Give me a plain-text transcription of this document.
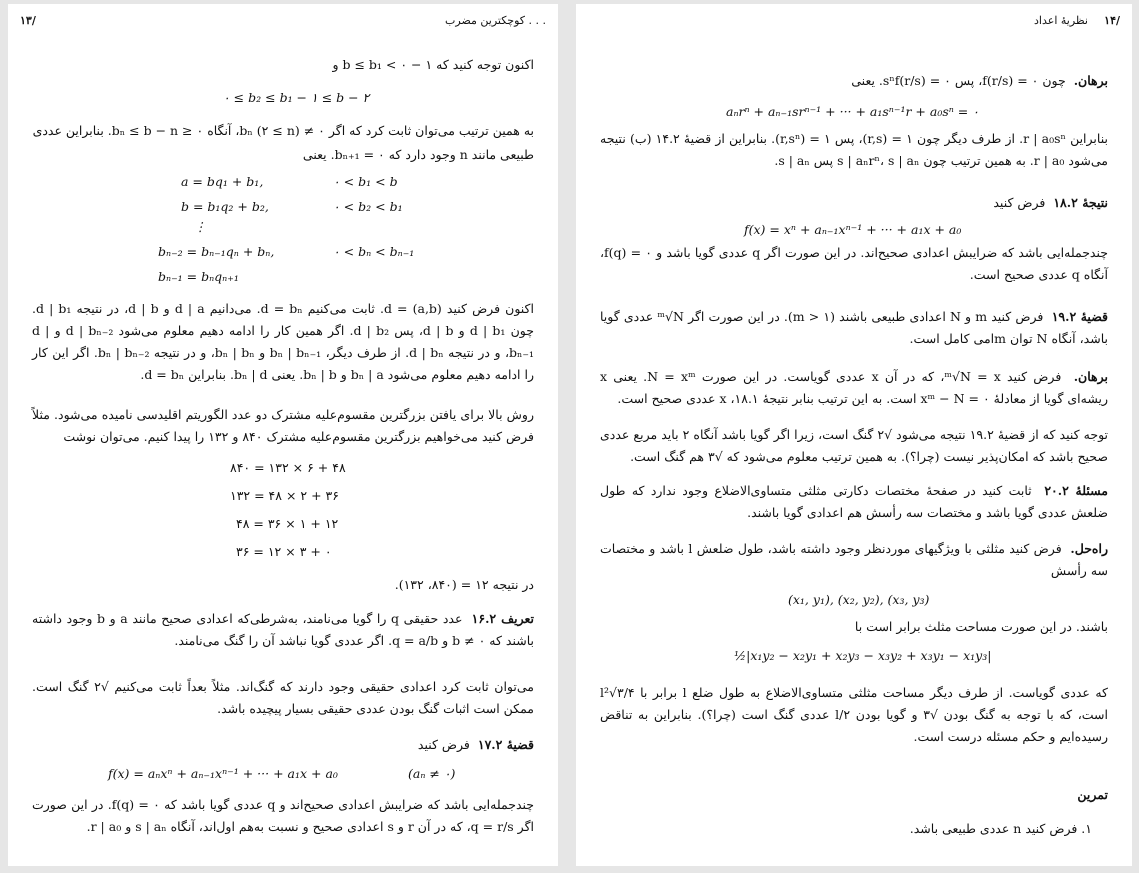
کوچکترین مضرب . . .
۱۳/
اکنون توجه کنید که ۱ − b ≤ b₁ < ۰ و
۰ ≤ b₂ ≤ b₁ − ۱ ≤ b − ۲
به همین ترتیب می‌توان ثابت کرد که اگر ۰ ≠ bₙ (۲ ≤ n)، آنگاه ۰ ≤ bₙ ≤ b − n. بنابراین عددی
طبیعی مانند n وجود دارد که ۰ = bₙ₊₁. یعنی
a = bq₁ + b₁,	۰ < b₁ < b
b = b₁q₂ + b₂,	۰ < b₂ < b₁
⋮
bₙ₋₂ = bₙ₋₁qₙ + bₙ,	۰ < bₙ < bₙ₋₁
bₙ₋₁ = bₙqₙ₊₁
اکنون فرض کنید d = (a,b). ثابت می‌کنیم d = bₙ. می‌دانیم d | a و d | b، در نتیجه d | b₁. چون d | b₁ و d | b، پس d | b₂. اگر همین کار را ادامه دهیم معلوم می‌شود d | bₙ₋₂ و d | bₙ₋₁، و در نتیجه d | bₙ. از طرف دیگر، bₙ | bₙ₋₁ و bₙ | bₙ، و در نتیجه bₙ | bₙ₋₂. اگر این کار را ادامه دهیم معلوم می‌شود bₙ | a و bₙ | b. یعنی bₙ | d. بنابراین d = bₙ.
روش بالا برای یافتن بزرگترین مقسوم‌علیه مشترک دو عدد الگوریتم اقلیدسی نامیده می‌شود. مثلاً فرض کنید می‌خواهیم بزرگترین مقسوم‌علیه مشترک ۸۴۰ و ۱۳۲ را پیدا کنیم. می‌توان نوشت
۸۴۰ = ۱۳۲ × ۶ + ۴۸
۱۳۲ = ۴۸ × ۲ + ۳۶
۴۸ = ۳۶ × ۱ + ۱۲
۳۶ = ۱۲ × ۳ + ۰
در نتیجه ۱۲ = (۸۴۰، ۱۳۲).
تعریف ۱۶.۲  عدد حقیقی q را گویا می‌نامند، به‌شرطی‌که اعدادی صحیح مانند a و b وجود داشته باشند که ۰ ≠ b و q = a/b. اگر عددی گویا نباشد آن را گنگ می‌نامند.
می‌توان ثابت کرد اعدادی حقیقی وجود دارند که گنگ‌اند. مثلاً بعداً ثابت می‌کنیم √۲ گنگ است. ممکن است اثبات گنگ بودن عددی حقیقی بسیار پیچیده باشد.
قضیهٔ ۱۷.۲  فرض کنید
f(x) = aₙxⁿ + aₙ₋₁xⁿ⁻¹ + ··· + a₁x + a₀	(aₙ ≠ ۰)
چندجمله‌ایی باشد که ضرایبش اعدادی صحیح‌اند و q عددی گویا باشد که ۰ = f(q). در این صورت اگر q = r/s، که در آن r و s اعدادی صحیح و نسبت به‌هم اول‌اند، آنگاه s | aₙ و r | a₀.
۱۴/
نظریهٔ اعداد
برهان.  چون ۰ = f(r/s)، پس ۰ = sⁿf(r/s). یعنی
aₙrⁿ + aₙ₋₁srⁿ⁻¹ + ··· + a₁sⁿ⁻¹r + a₀sⁿ = ۰
بنابراین r | a₀sⁿ. از طرف دیگر چون ۱ = (r,s)، پس ۱ = (r,sⁿ). بنابراین از قضیهٔ ۱۴.۲ (ب) نتیجه می‌شود r | a₀. به همین ترتیب چون s | aₙrⁿ، s | aₙ پس s | aₙ.
نتیجهٔ ۱۸.۲  فرض کنید
f(x) = xⁿ + aₙ₋₁xⁿ⁻¹ + ··· + a₁x + a₀
چندجمله‌ایی باشد که ضرایبش اعدادی صحیح‌اند. در این صورت اگر q عددی گویا باشد و ۰ = f(q)، آنگاه q عددی صحیح است.
قضیهٔ ۱۹.۲  فرض کنید m و N اعدادی طبیعی باشند (m > ۱). در این صورت اگر ᵐ√N عددی گویا باشد، آنگاه N توان mامی کامل است.
برهان.  فرض کنید ᵐ√N = x، که در آن x عددی گویاست. در این صورت N = xᵐ. یعنی x ریشه‌ای گویا از معادلهٔ ۰ = xᵐ − N است. به این ترتیب بنابر نتیجهٔ ۱۸.۱، x عددی صحیح است.
توجه کنید که از قضیهٔ ۱۹.۲ نتیجه می‌شود √۲ گنگ است، زیرا اگر گویا باشد آنگاه ۲ باید مربع عددی صحیح باشد که امکان‌پذیر نیست (چرا؟). به همین ترتیب معلوم می‌شود که √۳ هم گنگ است.
مسئلهٔ ۲۰.۲  ثابت کنید در صفحهٔ مختصات دکارتی مثلثی متساوی‌الاضلاع وجود ندارد که طول ضلعش عددی گویا باشد و مختصات سه رأسش هم اعدادی گویا باشند.
راه‌حل.  فرض کنید مثلثی با ویژگیهای موردنظر وجود داشته باشد، طول ضلعش l باشد و مختصات سه رأسش
(x₁, y₁), (x₂, y₂), (x₃, y₃)
باشند. در این صورت مساحت مثلث برابر است با
½|x₁y₂ − x₂y₁ + x₂y₃ − x₃y₂ + x₃y₁ − x₁y₃|
که عددی گویاست. از طرف دیگر مساحت مثلثی متساوی‌الاضلاع به طول ضلع l برابر با l²√۳/۴ است، که با توجه به گنگ بودن √۳ و گویا بودن l/۲ عددی گنگ است (چرا؟). بنابراین به تناقض رسیده‌ایم و حکم مسئله درست است.
تمرین
۱. فرض کنید n عددی طبیعی باشد.
